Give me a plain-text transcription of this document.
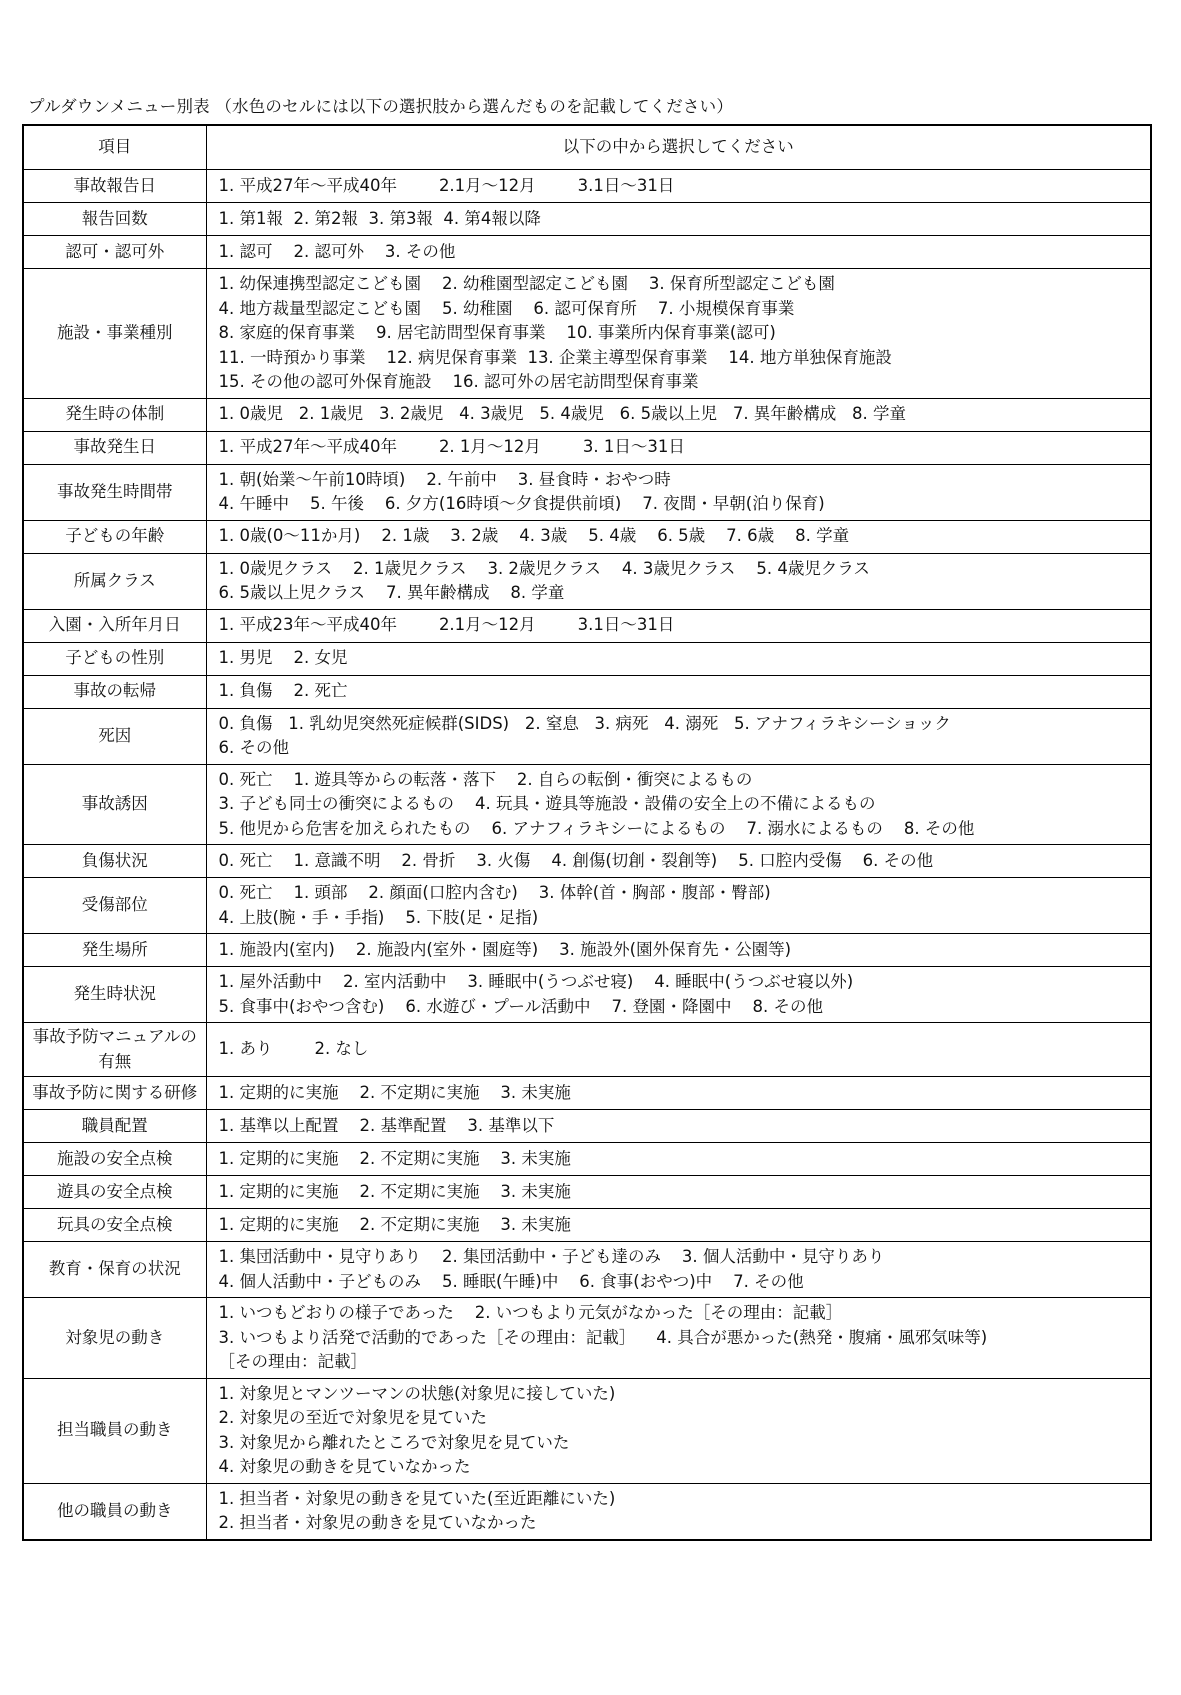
プルダウンメニュー別表 （水色のセルには以下の選択肢から選んだものを記載してください）
項目	以下の中から選択してください
事故報告日	1. 平成27年～平成40年        2.1月～12月        3.1日～31日

報告回数	1. 第1報  2. 第2報  3. 第3報  4. 第4報以降

認可・認可外	1. 認可    2. 認可外    3. その他

施設・事業種別	1. 幼保連携型認定こども園    2. 幼稚園型認定こども園    3. 保育所型認定こども園
4. 地方裁量型認定こども園    5. 幼稚園    6. 認可保育所    7. 小規模保育事業
8. 家庭的保育事業    9. 居宅訪問型保育事業    10. 事業所内保育事業(認可)
11. 一時預かり事業    12. 病児保育事業  13. 企業主導型保育事業    14. 地方単独保育施設
15. その他の認可外保育施設    16. 認可外の居宅訪問型保育事業

発生時の体制	1. 0歳児   2. 1歳児   3. 2歳児   4. 3歳児   5. 4歳児   6. 5歳以上児   7. 異年齢構成   8. 学童

事故発生日	1. 平成27年～平成40年        2. 1月～12月        3. 1日～31日

事故発生時間帯	1. 朝(始業～午前10時頃)    2. 午前中    3. 昼食時・おやつ時
4. 午睡中    5. 午後    6. 夕方(16時頃～夕食提供前頃)    7. 夜間・早朝(泊り保育)

子どもの年齢	1. 0歳(0～11か月)    2. 1歳    3. 2歳    4. 3歳    5. 4歳    6. 5歳    7. 6歳    8. 学童

所属クラス	1. 0歳児クラス    2. 1歳児クラス    3. 2歳児クラス    4. 3歳児クラス    5. 4歳児クラス
6. 5歳以上児クラス    7. 異年齢構成    8. 学童

入園・入所年月日	1. 平成23年～平成40年        2.1月～12月        3.1日～31日

子どもの性別	1. 男児    2. 女児

事故の転帰	1. 負傷    2. 死亡

死因	0. 負傷   1. 乳幼児突然死症候群(SIDS)   2. 窒息   3. 病死   4. 溺死   5. アナフィラキシーショック
6. その他

事故誘因	0. 死亡    1. 遊具等からの転落・落下    2. 自らの転倒・衝突によるもの
3. 子ども同士の衝突によるもの    4. 玩具・遊具等施設・設備の安全上の不備によるもの
5. 他児から危害を加えられたもの    6. アナフィラキシーによるもの    7. 溺水によるもの    8. その他

負傷状況	0. 死亡    1. 意識不明    2. 骨折    3. 火傷    4. 創傷(切創・裂創等)    5. 口腔内受傷    6. その他

受傷部位	0. 死亡    1. 頭部    2. 顔面(口腔内含む)    3. 体幹(首・胸部・腹部・臀部)
4. 上肢(腕・手・手指)    5. 下肢(足・足指)

発生場所	1. 施設内(室内)    2. 施設内(室外・園庭等)    3. 施設外(園外保育先・公園等)

発生時状況	1. 屋外活動中    2. 室内活動中    3. 睡眠中(うつぶせ寝)    4. 睡眠中(うつぶせ寝以外)
5. 食事中(おやつ含む)    6. 水遊び・プール活動中    7. 登園・降園中    8. その他

事故予防マニュアルの有無	1. あり        2. なし

事故予防に関する研修	1. 定期的に実施    2. 不定期に実施    3. 未実施

職員配置	1. 基準以上配置    2. 基準配置    3. 基準以下

施設の安全点検	1. 定期的に実施    2. 不定期に実施    3. 未実施

遊具の安全点検	1. 定期的に実施    2. 不定期に実施    3. 未実施

玩具の安全点検	1. 定期的に実施    2. 不定期に実施    3. 未実施

教育・保育の状況	1. 集団活動中・見守りあり    2. 集団活動中・子ども達のみ    3. 個人活動中・見守りあり
4. 個人活動中・子どものみ    5. 睡眠(午睡)中    6. 食事(おやつ)中    7. その他

対象児の動き	1. いつもどおりの様子であった    2. いつもより元気がなかった［その理由：記載］
3. いつもより活発で活動的であった［その理由：記載］    4. 具合が悪かった(熱発・腹痛・風邪気味等)
［その理由：記載］

担当職員の動き	1. 対象児とマンツーマンの状態(対象児に接していた)
2. 対象児の至近で対象児を見ていた
3. 対象児から離れたところで対象児を見ていた
4. 対象児の動きを見ていなかった

他の職員の動き	1. 担当者・対象児の動きを見ていた(至近距離にいた)
2. 担当者・対象児の動きを見ていなかった
